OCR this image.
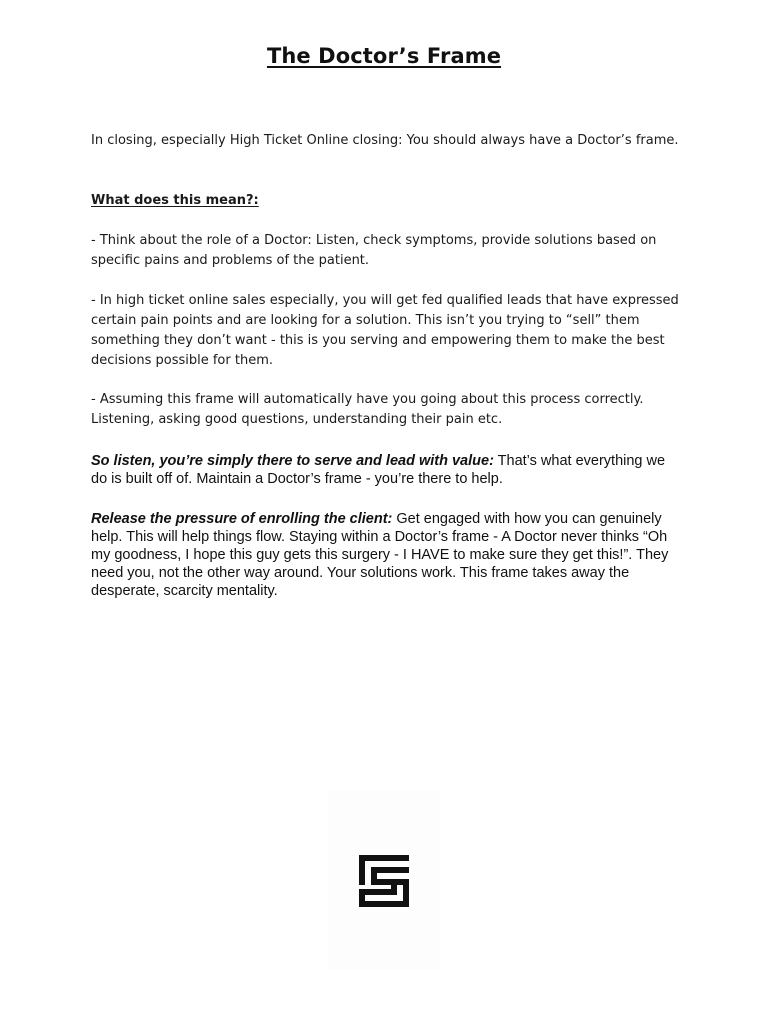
The Doctor’s Frame

In closing, especially High Ticket Online closing: You should always have a Doctor’s frame.

What does this mean?:

- Think about the role of a Doctor: Listen, check symptoms, provide solutions based on specific pains and problems of the patient.

- In high ticket online sales especially, you will get fed qualified leads that have expressed certain pain points and are looking for a solution. This isn’t you trying to “sell” them something they don’t want - this is you serving and empowering them to make the best decisions possible for them.

- Assuming this frame will automatically have you going about this process correctly. Listening, asking good questions, understanding their pain etc.

So listen, you’re simply there to serve and lead with value: That’s what everything we do is built off of. Maintain a Doctor’s frame - you’re there to help.

Release the pressure of enrolling the client: Get engaged with how you can genuinely help. This will help things flow. Staying within a Doctor’s frame - A Doctor never thinks “Oh my goodness, I hope this guy gets this surgery - I HAVE to make sure they get this!”. They need you, not the other way around. Your solutions work. This frame takes away the desperate, scarcity mentality.
